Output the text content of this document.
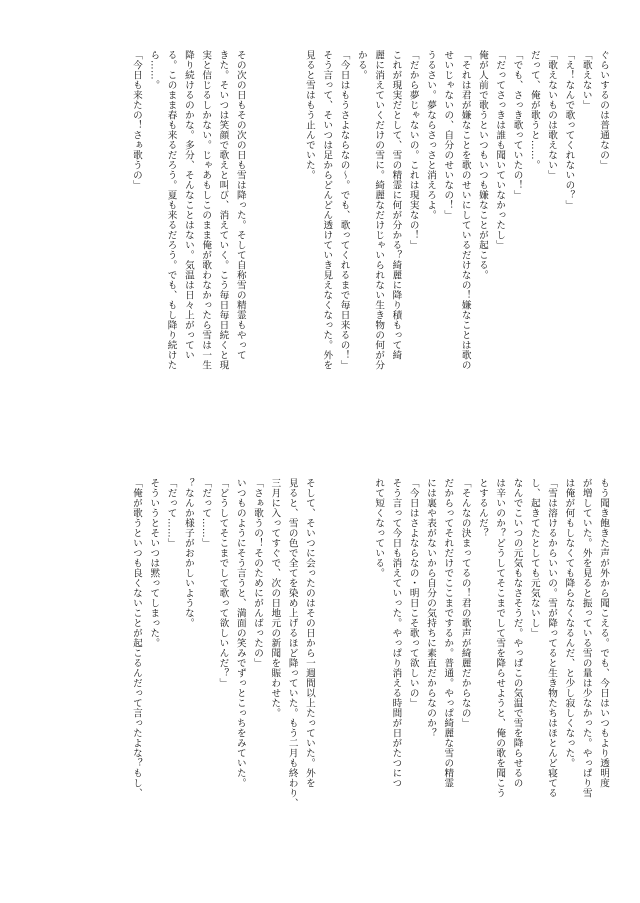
ぐらいするのは普通なの」
「歌えない」
「え！なんで歌ってくれないの？」
「歌えないものは歌えない」
だって、俺が歌うと……。
「でも、さっき歌っていたの！」
「だってさっきは誰も聞いていなかったし」
俺が人前で歌うといつもいつも嫌なことが起こる。
「それは君が嫌なことを歌のせいにしているだけなの！嫌なことは歌の
せいじゃないの、自分のせいなの！」
うるさい。夢ならさっさと消えろよ。
「だから夢じゃないの。これは現実なの！」
これが現実だとして、雪の精霊に何が分かる？綺麗に降り積もって綺
麗に消えていくだけの雪に。綺麗なだけじゃいられない生き物の何が分
かる。
「今日はもうさよならなの～。でも、歌ってくれるまで毎日来るの！」
そう言って、そいつは足からどんどん透けていき見えなくなった。外を
見ると雪はもう止んでいた。

その次の日もその次の日も雪は降った。そして自称雪の精霊もやって
きた。そいつは笑顔で歌えと叫び、消えていく。こう毎日毎日続くと現
実と信じるしかない。じゃあもしこのまま俺が歌わなかったら雪は一生
降り続けるのかな。多分、そんなことはない。気温は日々上がってい
る。このまま春も来るだろう。夏も来るだろう。でも、もし降り続けた
ら……。
「今日も来たの！さぁ歌うの」
もう聞き飽きた声が外から聞こえる。でも、今日はいつもより透明度
が増していた。外を見ると振っている雪の量は少なかった。やっぱり雪
は俺が何もしなくても降らなくなるんだ、と少し寂しくなった。
「雪は溶けるからいいの。雪が降ってると生き物たちはほとんど寝てる
し、起きてたとしても元気ないし」
なんでこいつの元気もなさそうだ。やっぱこの気温で雪を降らせるの
は辛いのか？どうしてそこまでして雪を降らせようと、俺の歌を聞こう
とするんだ？
「そんなの決まってるの！君の歌声が綺麗だからなの」
だからってそれだけでここまでするか。普通。やっぱ綺麗な雪の精霊
には裏や表がないから自分の気持ちに素直だからなのか？
「今日はさよならなの・明日こそ歌って欲しいの」
そう言って今日も消えていった。やっぱり消える時間が日がたつにつ
れて短くなっている。

そして、そいつに会ったのはその日から一週間以上たっていた。外を
見ると、雪の色で全てを染め上げるほど降っていた。もう二月も終わり、
三月に入ってすぐで、次の日地元の新聞を賑わせた。
「さぁ歌うの！そのためにがんばったの」
いつものようにそう言うと、満面の笑みでずっとこっちをみていた。
「どうしてそこまでして歌って欲しいんだ？」
「だって……」
？なんか様子がおかしいような。
「だって……」
そういうとそいつは黙ってしまった。
「俺が歌うといつも良くないことが起こるんだって言ったよな？もし、
